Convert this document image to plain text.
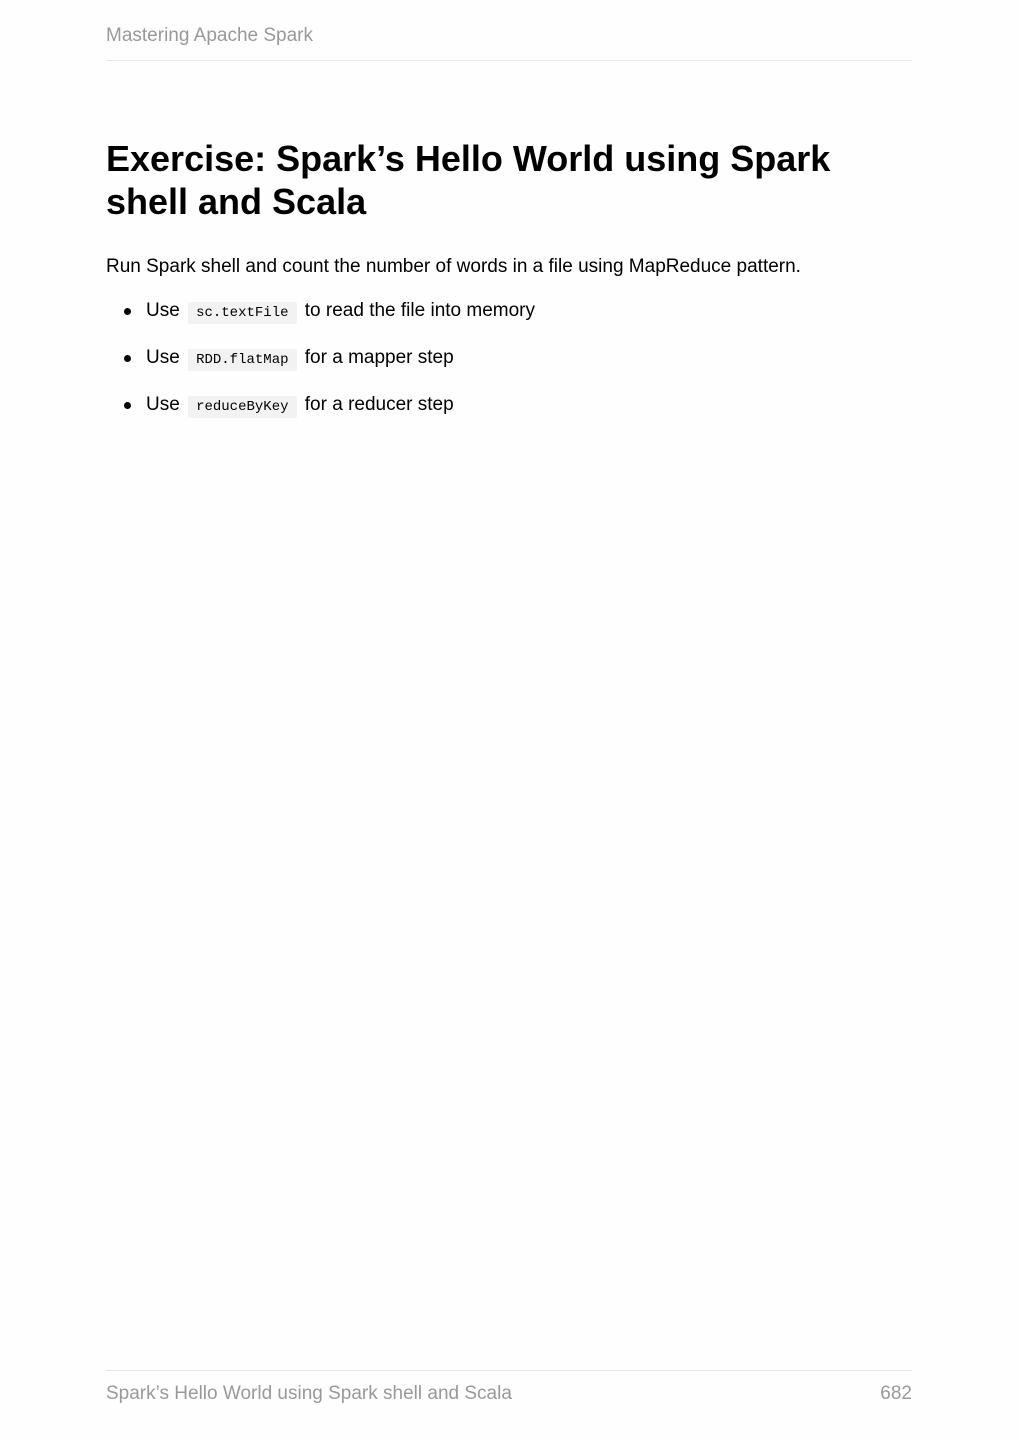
Mastering Apache Spark
Exercise: Spark’s Hello World using Spark shell and Scala

Run Spark shell and count the number of words in a file using MapReduce pattern.

Use sc.textFile to read the file into memory
Use RDD.flatMap for a mapper step
Use reduceByKey for a reducer step
Spark’s Hello World using Spark shell and Scala	682
